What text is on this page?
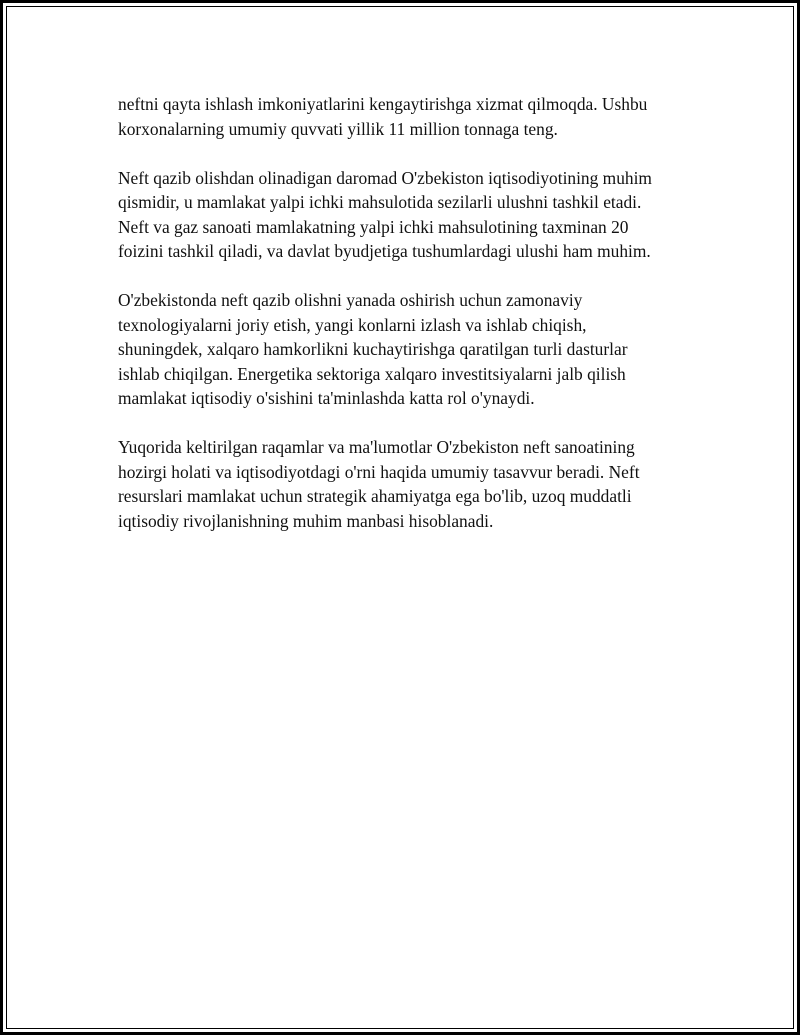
neftni qayta ishlash imkoniyatlarini kengaytirishga xizmat qilmoqda. Ushbu
korxonalarning umumiy quvvati yillik 11 million tonnaga teng.

Neft qazib olishdan olinadigan daromad O'zbekiston iqtisodiyotining muhim
qismidir, u mamlakat yalpi ichki mahsulotida sezilarli ulushni tashkil etadi.
Neft va gaz sanoati mamlakatning yalpi ichki mahsulotining taxminan 20
foizini tashkil qiladi, va davlat byudjetiga tushumlardagi ulushi ham muhim.

O'zbekistonda neft qazib olishni yanada oshirish uchun zamonaviy
texnologiyalarni joriy etish, yangi konlarni izlash va ishlab chiqish,
shuningdek, xalqaro hamkorlikni kuchaytirishga qaratilgan turli dasturlar
ishlab chiqilgan. Energetika sektoriga xalqaro investitsiyalarni jalb qilish
mamlakat iqtisodiy o'sishini ta'minlashda katta rol o'ynaydi.

Yuqorida keltirilgan raqamlar va ma'lumotlar O'zbekiston neft sanoatining
hozirgi holati va iqtisodiyotdagi o'rni haqida umumiy tasavvur beradi. Neft
resurslari mamlakat uchun strategik ahamiyatga ega bo'lib, uzoq muddatli
iqtisodiy rivojlanishning muhim manbasi hisoblanadi.
